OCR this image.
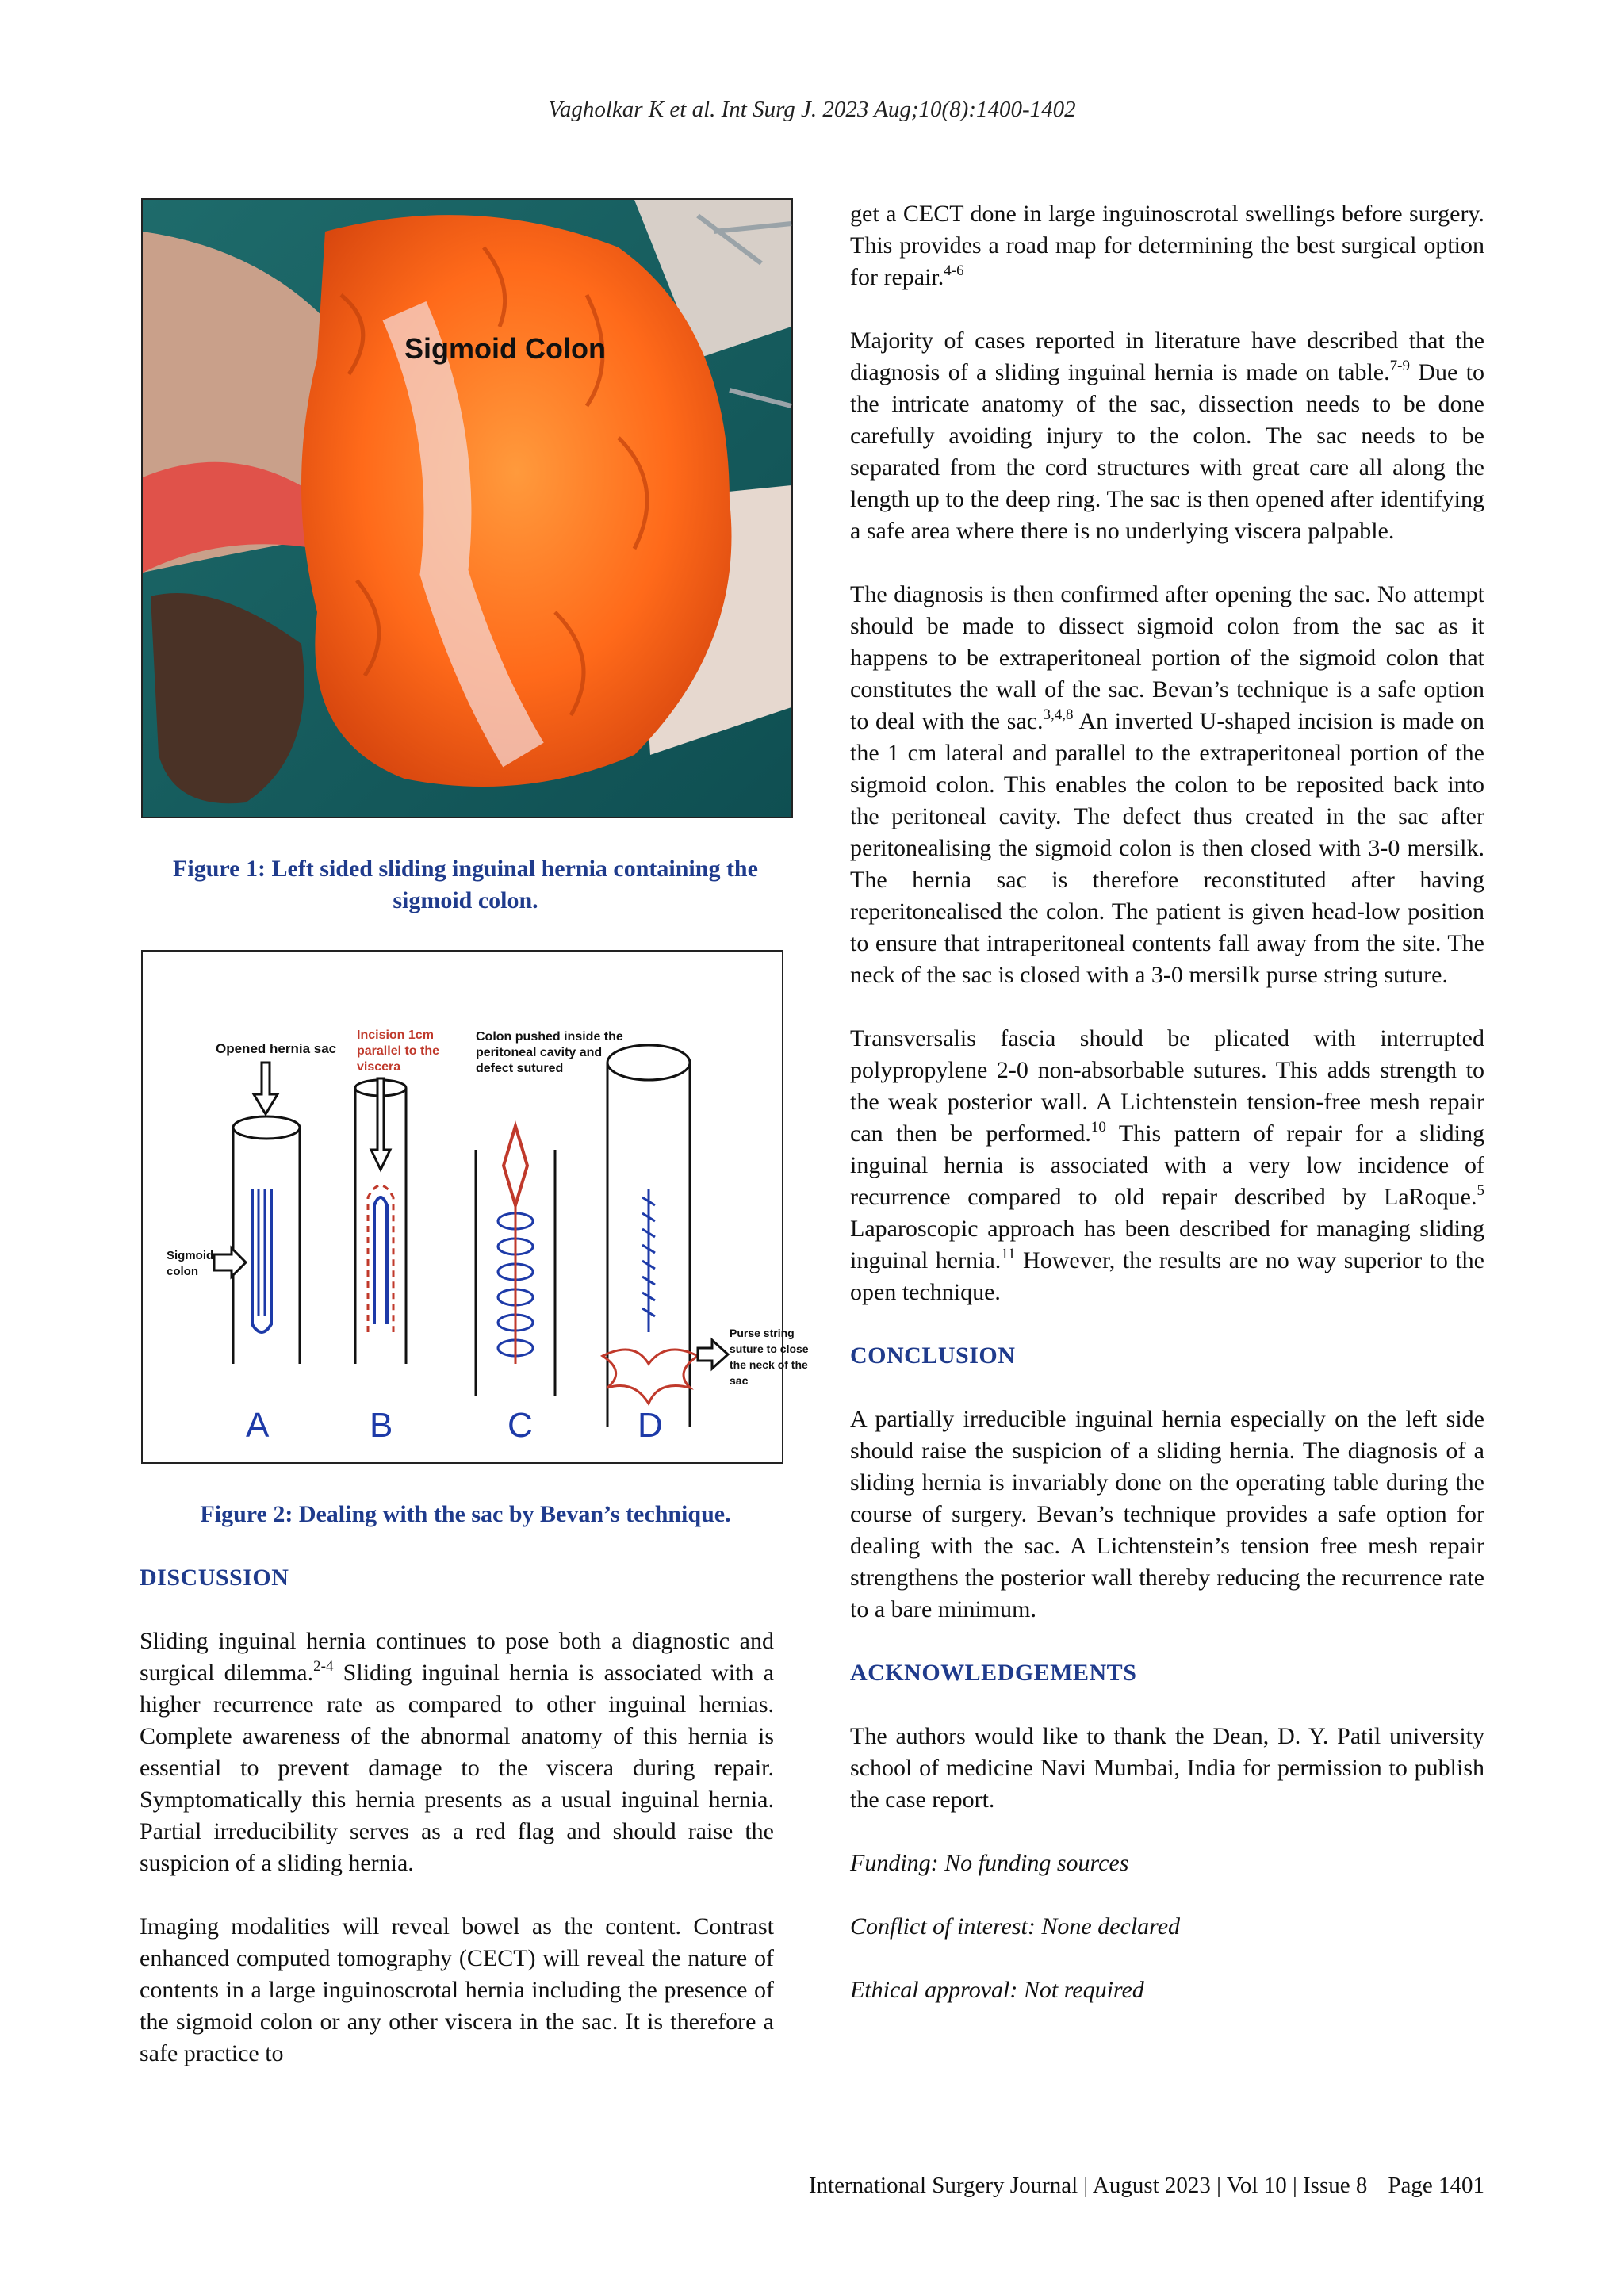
Vagholkar K et al. Int Surg J. 2023 Aug;10(8):1400-1402
Sigmoid Colon
Figure 1: Left sided sliding inguinal hernia containing the sigmoid colon.
Opened hernia sac
Sigmoid
colon
A
Incision 1cm
parallel to the
viscera
B
Colon pushed inside the
peritoneal cavity and
defect sutured
C
Purse string
suture to close
the neck of the
sac
D
Figure 2: Dealing with the sac by Bevan’s technique.
DISCUSSION

Sliding inguinal hernia continues to pose both a diagnostic and surgical dilemma.$^{2-4}$ Sliding inguinal hernia is associated with a higher recurrence rate as compared to other inguinal hernias. Complete awareness of the abnormal anatomy of this hernia is essential to prevent damage to the viscera during repair. Symptomatically this hernia presents as a usual inguinal hernia. Partial irreducibility serves as a red flag and should raise the suspicion of a sliding hernia.

Imaging modalities will reveal bowel as the content. Contrast enhanced computed tomography (CECT) will reveal the nature of contents in a large inguinoscrotal hernia including the presence of the sigmoid colon or any other viscera in the sac. It is therefore a safe practice to

get a CECT done in large inguinoscrotal swellings before surgery. This provides a road map for determining the best surgical option for repair.$^{4-6}$

Majority of cases reported in literature have described that the diagnosis of a sliding inguinal hernia is made on table.$^{7-9}$ Due to the intricate anatomy of the sac, dissection needs to be done carefully avoiding injury to the colon. The sac needs to be separated from the cord structures with great care all along the length up to the deep ring. The sac is then opened after identifying a safe area where there is no underlying viscera palpable.

The diagnosis is then confirmed after opening the sac. No attempt should be made to dissect sigmoid colon from the sac as it happens to be extraperitoneal portion of the sigmoid colon that constitutes the wall of the sac. Bevan’s technique is a safe option to deal with the sac.$^{3,4,8}$ An inverted U-shaped incision is made on the 1 cm lateral and parallel to the extraperitoneal portion of the sigmoid colon. This enables the colon to be reposited back into the peritoneal cavity. The defect thus created in the sac after peritonealising the sigmoid colon is then closed with 3-0 mersilk. The hernia sac is therefore reconstituted after having reperitonealised the colon. The patient is given head-low position to ensure that intraperitoneal contents fall away from the site. The neck of the sac is closed with a 3-0 mersilk purse string suture.

Transversalis fascia should be plicated with interrupted polypropylene 2-0 non-absorbable sutures. This adds strength to the weak posterior wall. A Lichtenstein tension-free mesh repair can then be performed.$^{10}$ This pattern of repair for a sliding inguinal hernia is associated with a very low incidence of recurrence compared to old repair described by LaRoque.$^5$ Laparoscopic approach has been described for managing sliding inguinal hernia.$^{11}$ However, the results are no way superior to the open technique.

CONCLUSION

A partially irreducible inguinal hernia especially on the left side should raise the suspicion of a sliding hernia. The diagnosis of a sliding hernia is invariably done on the operating table during the course of surgery. Bevan’s technique provides a safe option for dealing with the sac. A Lichtenstein’s tension free mesh repair strengthens the posterior wall thereby reducing the recurrence rate to a bare minimum.

ACKNOWLEDGEMENTS

The authors would like to thank the Dean, D. Y. Patil university school of medicine Navi Mumbai, India for permission to publish the case report.

Funding: No funding sources

Conflict of interest: None declared

Ethical approval: Not required

International Surgery Journal | August 2023 | Vol 10 | Issue 8 Page 1401
